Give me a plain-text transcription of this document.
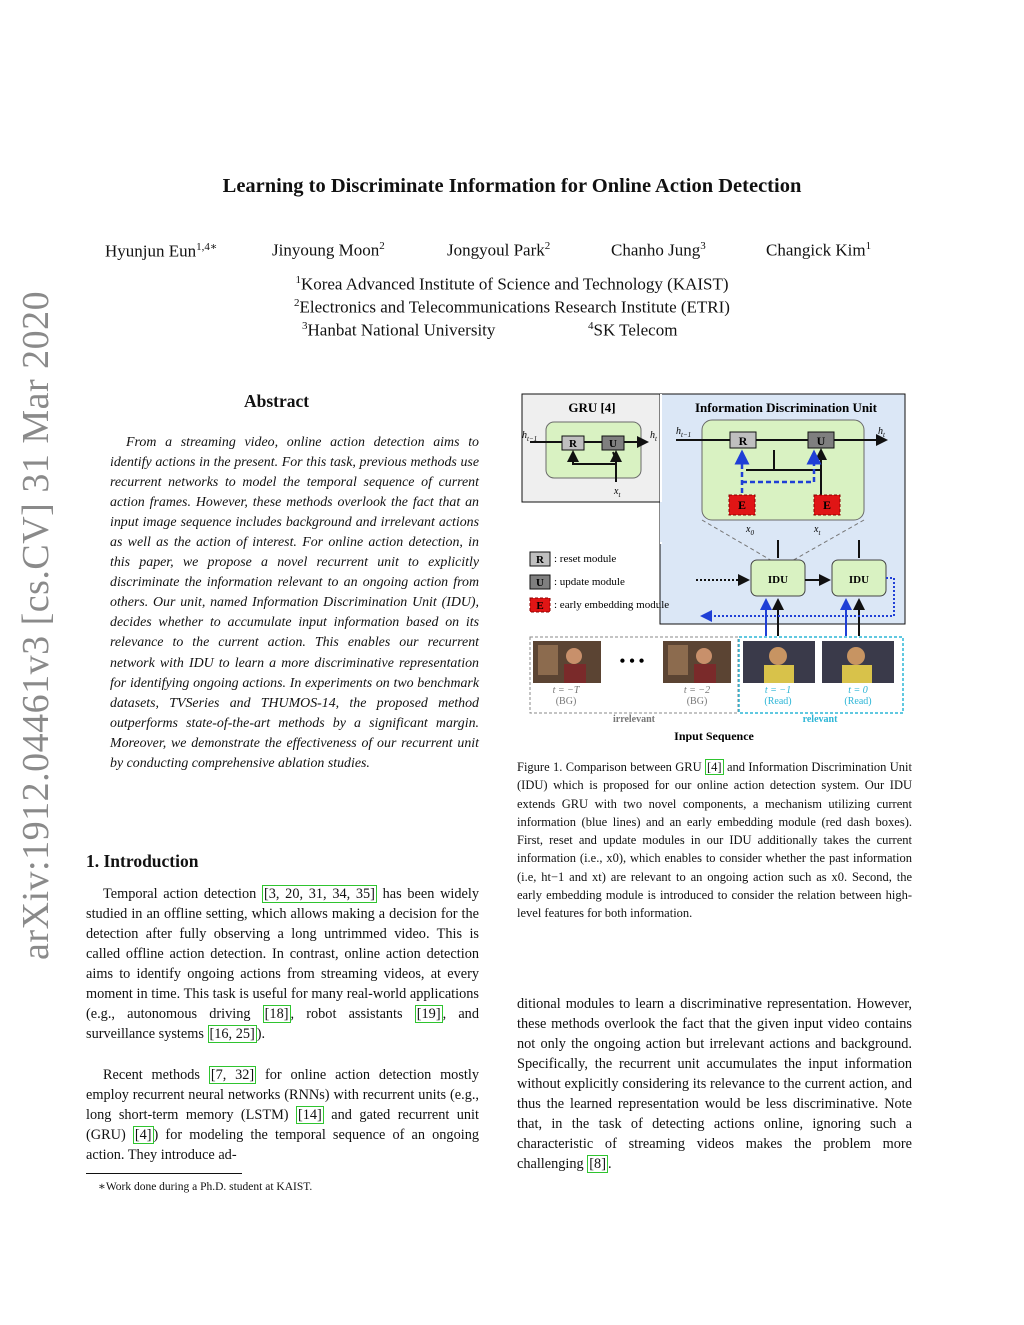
Learning to Discriminate Information for Online Action Detection
Hyunjun Eun$^{1,4∗}$	Jinyoung Moon$^2$	Jongyoul Park$^2$	Chanho Jung$^3$	Changick Kim$^1$
$^1$Korea Advanced Institute of Science and Technology (KAIST)
$^2$Electronics and Telecommunications Research Institute (ETRI)
$^3$Hanbat National University	$^4$SK Telecom
arXiv:1912.04461v3 [cs.CV] 31 Mar 2020	Abstract

From a streaming video, online action detection aims to identify actions in the present. For this task, previous methods use recurrent networks to model the temporal sequence of current action frames. However, these methods overlook the fact that an input image sequence includes background and irrelevant actions as well as the action of interest. For online action detection, in this paper, we propose a novel recurrent unit to explicitly discriminate the information relevant to an ongoing action from others. Our unit, named Information Discrimination Unit (IDU), decides whether to accumulate input information based on its relevance to the current action. This enables our recurrent network with IDU to learn a more discriminative representation for identifying ongoing actions. In experiments on two benchmark datasets, TVSeries and THUMOS-14, the proposed method outperforms state-of-the-art methods by a significant margin. Moreover, we demonstrate the effectiveness of our recurrent unit by conducting comprehensive ablation studies.

1. Introduction

Temporal action detection [3, 20, 31, 34, 35] has been widely studied in an offline setting, which allows making a decision for the detection after fully observing a long untrimmed video. This is called offline action detection. In contrast, online action detection aims to identify ongoing actions from streaming videos, at every moment in time. This task is useful for many real-world applications (e.g., autonomous driving [18] , robot assistants [19] , and surveillance systems [16, 25] ).

Recent methods [7, 32] for online action detection mostly employ recurrent neural networks (RNNs) with recurrent units (e.g., long short-term memory (LSTM) [14] and gated recurrent unit (GRU) [4] ) for modeling the temporal sequence of an ongoing action. They introduce ad-

∗Work done during a Ph.D. student at KAIST.
GRU [4]	Information Discrimination Unit
R	U
$h_{t-1}$	$h_t$
$x_t$
R	U
$h_{t-1}$	$h_t$
E	E
$x_0$	$x_t$
R : reset module
U : update module
E : early embedding module
IDU	IDU
• • •
t = −T
(BG)
t = −2
(BG)
t = −1
(Read)
t = 0
(Read)
irrelevant	relevant
Input Sequence
Figure 1. Comparison between GRU [4] and Information Discrimination Unit (IDU) which is proposed for our online action detection system. Our IDU extends GRU with two novel components, a mechanism utilizing current information (blue lines) and an early embedding module (red dash boxes). First, reset and update modules in our IDU additionally takes the current information (i.e., x0), which enables to consider whether the past information (i.e, ht−1 and xt) are relevant to an ongoing action such as x0. Second, the early embedding module is introduced to consider the relation between high-level features for both information.

ditional modules to learn a discriminative representation. However, these methods overlook the fact that the given input video contains not only the ongoing action but irrelevant actions and background. Specifically, the recurrent unit accumulates the input information without explicitly considering its relevance to the current action, and thus the learned representation would be less discriminative. Note that, in the task of detecting actions online, ignoring such a characteristic of streaming videos makes the problem more challenging [8] .
